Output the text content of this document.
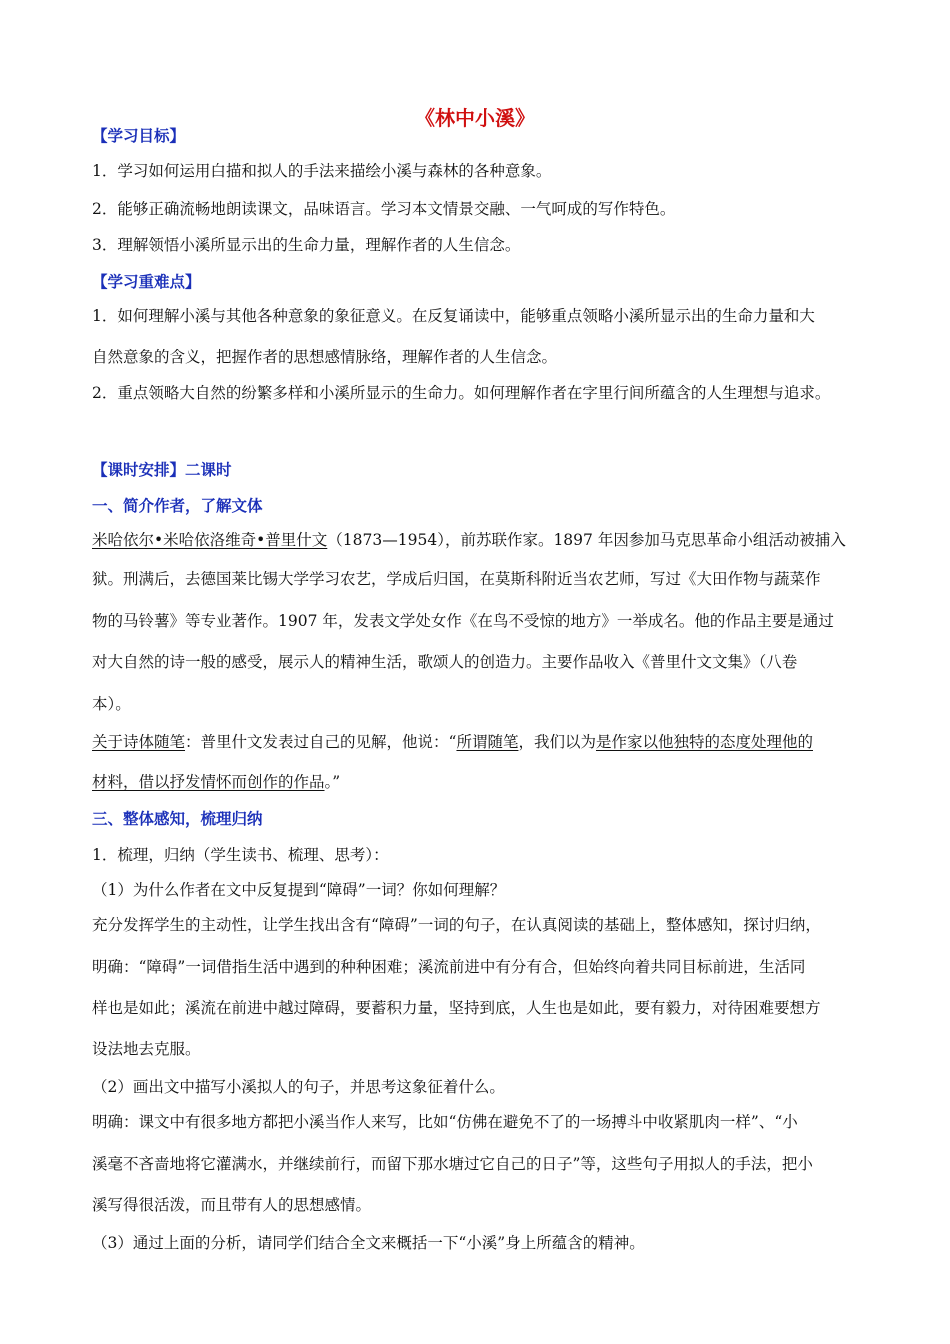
《林中小溪》
【学习目标】
1．学习如何运用白描和拟人的手法来描绘小溪与森林的各种意象。
2．能够正确流畅地朗读课文，品味语言。学习本文情景交融、一气呵成的写作特色。
3．理解领悟小溪所显示出的生命力量，理解作者的人生信念。
【学习重难点】
1．如何理解小溪与其他各种意象的象征意义。在反复诵读中，能够重点领略小溪所显示出的生命力量和大
自然意象的含义，把握作者的思想感情脉络，理解作者的人生信念。
2．重点领略大自然的纷繁多样和小溪所显示的生命力。如何理解作者在字里行间所蕴含的人生理想与追求。
【课时安排】二课时
一、简介作者，了解文体
米哈依尔•米哈依洛维奇•普里什文（1873—1954），前苏联作家。1897 年因参加马克思革命小组活动被捕入
狱。刑满后，去德国莱比锡大学学习农艺，学成后归国，在莫斯科附近当农艺师，写过《大田作物与蔬菜作
物的马铃薯》等专业著作。1907 年，发表文学处女作《在鸟不受惊的地方》一举成名。他的作品主要是通过
对大自然的诗一般的感受，展示人的精神生活，歌颂人的创造力。主要作品收入《普里什文文集》（八卷
本）。
关于诗体随笔：普里什文发表过自己的见解，他说：“所谓随笔，我们以为是作家以他独特的态度处理他的
材料，借以抒发情怀而创作的作品。”
三、整体感知，梳理归纳
1．梳理，归纳（学生读书、梳理、思考）：
（1）为什么作者在文中反复提到“障碍”一词？你如何理解？
充分发挥学生的主动性，让学生找出含有“障碍”一词的句子，在认真阅读的基础上，整体感知，探讨归纳，
明确：“障碍”一词借指生活中遇到的种种困难；溪流前进中有分有合，但始终向着共同目标前进，生活同
样也是如此；溪流在前进中越过障碍，要蓄积力量，坚持到底，人生也是如此，要有毅力，对待困难要想方
设法地去克服。
（2）画出文中描写小溪拟人的句子，并思考这象征着什么。
明确：课文中有很多地方都把小溪当作人来写，比如“仿佛在避免不了的一场搏斗中收紧肌肉一样”、“小
溪毫不吝啬地将它灌满水，并继续前行，而留下那水塘过它自己的日子”等，这些句子用拟人的手法，把小
溪写得很活泼，而且带有人的思想感情。
（3）通过上面的分析，请同学们结合全文来概括一下“小溪”身上所蕴含的精神。
